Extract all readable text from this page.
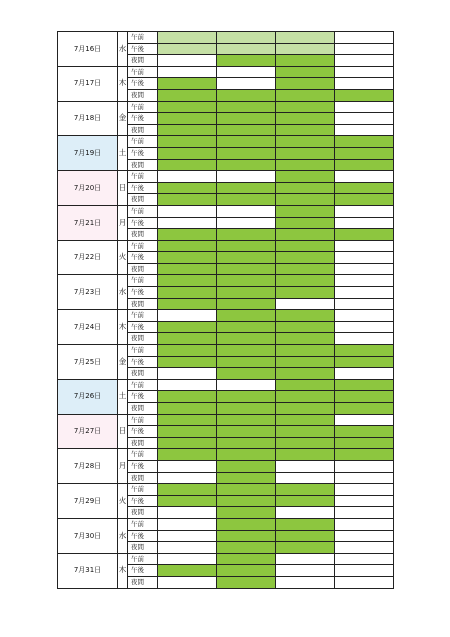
7月16日	水	午前				
		午後				
		夜間				
7月17日	木	午前				
		午後				
		夜間				
7月18日	金	午前				
		午後				
		夜間				
7月19日	土	午前				
		午後				
		夜間				
7月20日	日	午前				
		午後				
		夜間				
7月21日	月	午前				
		午後				
		夜間				
7月22日	火	午前				
		午後				
		夜間				
7月23日	水	午前				
		午後				
		夜間				
7月24日	木	午前				
		午後				
		夜間				
7月25日	金	午前				
		午後				
		夜間				
7月26日	土	午前				
		午後				
		夜間				
7月27日	日	午前				
		午後				
		夜間				
7月28日	月	午前				
		午後				
		夜間				
7月29日	火	午前				
		午後				
		夜間				
7月30日	水	午前				
		午後				
		夜間				
7月31日	木	午前				
		午後				
		夜間				
